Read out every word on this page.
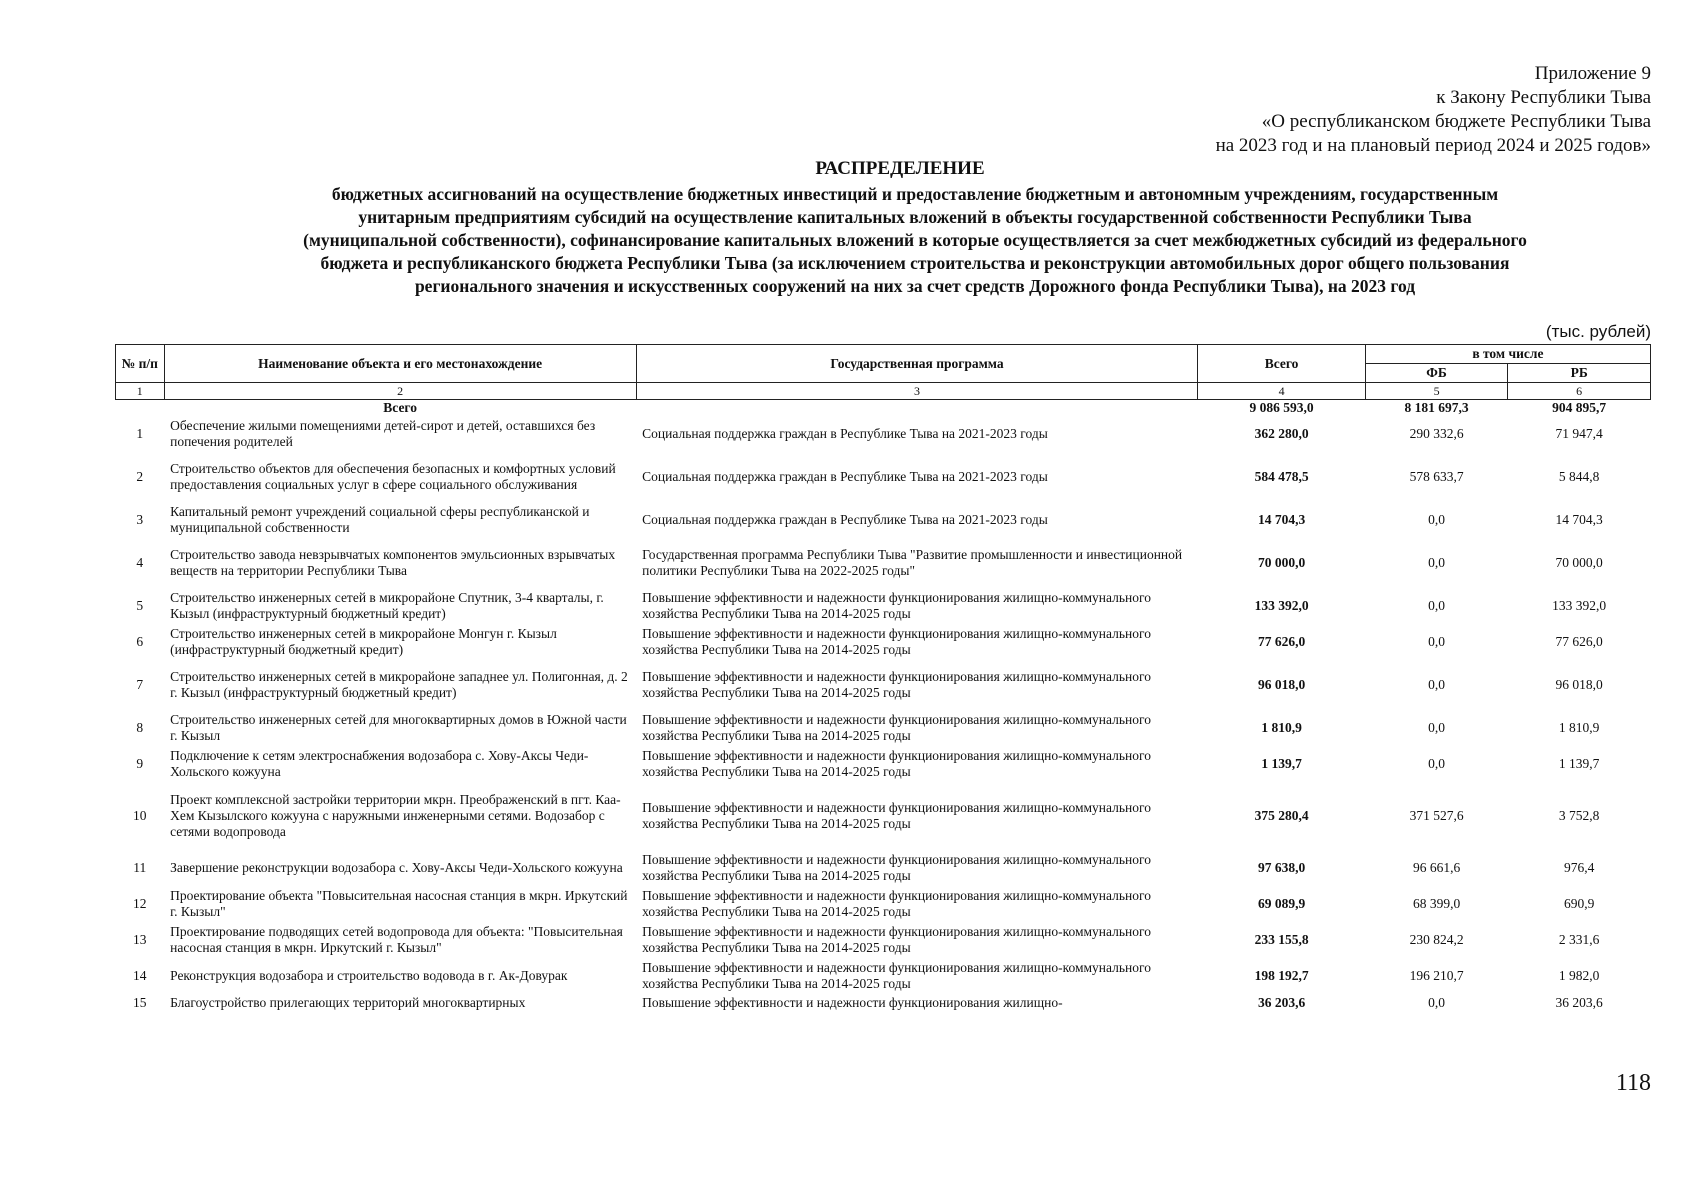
Приложение 9
к Закону Республики Тыва
«О республиканском бюджете Республики Тыва
на 2023 год и на плановый период 2024 и 2025 годов»
РАСПРЕДЕЛЕНИЕ
бюджетных ассигнований на осуществление бюджетных инвестиций и предоставление бюджетным и автономным учреждениям, государственным
унитарным предприятиям субсидий на осуществление капитальных вложений в объекты государственной собственности Республики Тыва
(муниципальной собственности), софинансирование капитальных вложений в которые осуществляется за счет межбюджетных субсидий из федерального
бюджета и республиканского бюджета Республики Тыва (за исключением строительства и реконструкции автомобильных дорог общего пользования
регионального значения и искусственных сооружений на них за счет средств Дорожного фонда Республики Тыва), на 2023 год
(тыс. рублей)
№ п/п	Наименование объекта и его местонахождение	Государственная программа	Всего	в том числе	
				ФБ	РБ
1	2	3	4	5	6
	Всего		9 086 593,0	8 181 697,3	904 895,7
1	Обеспечение жилыми помещениями детей-сирот и детей, оставшихся без попечения родителей	Социальная поддержка граждан в Республике Тыва на 2021-2023 годы	362 280,0	290 332,6	71 947,4
2	Строительство объектов для обеспечения безопасных и комфортных условий предоставления социальных услуг в сфере социального обслуживания	Социальная поддержка граждан в Республике Тыва на 2021-2023 годы	584 478,5	578 633,7	5 844,8
3	Капитальный ремонт учреждений социальной сферы республиканской и муниципальной собственности	Социальная поддержка граждан в Республике Тыва на 2021-2023 годы	14 704,3	0,0	14 704,3
4	Строительство завода невзрывчатых компонентов эмульсионных взрывчатых веществ на территории Республики Тыва	Государственная программа Республики Тыва "Развитие промышленности и инвестиционной политики Республики Тыва на 2022-2025 годы"	70 000,0	0,0	70 000,0
5	Строительство инженерных сетей в микрорайоне Спутник, 3-4 кварталы, г. Кызыл (инфраструктурный бюджетный кредит)	Повышение эффективности и надежности функционирования жилищно-коммунального хозяйства Республики Тыва на 2014-2025 годы	133 392,0	0,0	133 392,0
6	Строительство инженерных сетей в микрорайоне Монгун г. Кызыл (инфраструктурный бюджетный кредит)	Повышение эффективности и надежности функционирования жилищно-коммунального хозяйства Республики Тыва на 2014-2025 годы	77 626,0	0,0	77 626,0
7	Строительство инженерных сетей в микрорайоне западнее ул. Полигонная, д. 2 г. Кызыл (инфраструктурный бюджетный кредит)	Повышение эффективности и надежности функционирования жилищно-коммунального хозяйства Республики Тыва на 2014-2025 годы	96 018,0	0,0	96 018,0
8	Строительство инженерных сетей для многоквартирных домов в Южной части г. Кызыл	Повышение эффективности и надежности функционирования жилищно-коммунального хозяйства Республики Тыва на 2014-2025 годы	1 810,9	0,0	1 810,9
9	Подключение к сетям электроснабжения водозабора с. Хову-Аксы Чеди-Хольского кожууна	Повышение эффективности и надежности функционирования жилищно-коммунального хозяйства Республики Тыва на 2014-2025 годы	1 139,7	0,0	1 139,7
10	Проект комплексной застройки территории мкрн. Преображенский в пгт. Каа-Хем Кызылского кожууна с наружными инженерными сетями. Водозабор с сетями водопровода	Повышение эффективности и надежности функционирования жилищно-коммунального хозяйства Республики Тыва на 2014-2025 годы	375 280,4	371 527,6	3 752,8
11	Завершение реконструкции водозабора с. Хову-Аксы Чеди-Хольского кожууна	Повышение эффективности и надежности функционирования жилищно-коммунального хозяйства Республики Тыва на 2014-2025 годы	97 638,0	96 661,6	976,4
12	Проектирование объекта "Повысительная насосная станция в мкрн. Иркутский г. Кызыл"	Повышение эффективности и надежности функционирования жилищно-коммунального хозяйства Республики Тыва на 2014-2025 годы	69 089,9	68 399,0	690,9
13	Проектирование подводящих сетей водопровода для объекта: "Повысительная насосная станция в мкрн. Иркутский г. Кызыл"	Повышение эффективности и надежности функционирования жилищно-коммунального хозяйства Республики Тыва на 2014-2025 годы	233 155,8	230 824,2	2 331,6
14	Реконструкция водозабора и строительство водовода в г. Ак-Довурак	Повышение эффективности и надежности функционирования жилищно-коммунального хозяйства Республики Тыва на 2014-2025 годы	198 192,7	196 210,7	1 982,0
15	Благоустройство прилегающих территорий многоквартирных	Повышение эффективности и надежности функционирования жилищно-	36 203,6	0,0	36 203,6
118
